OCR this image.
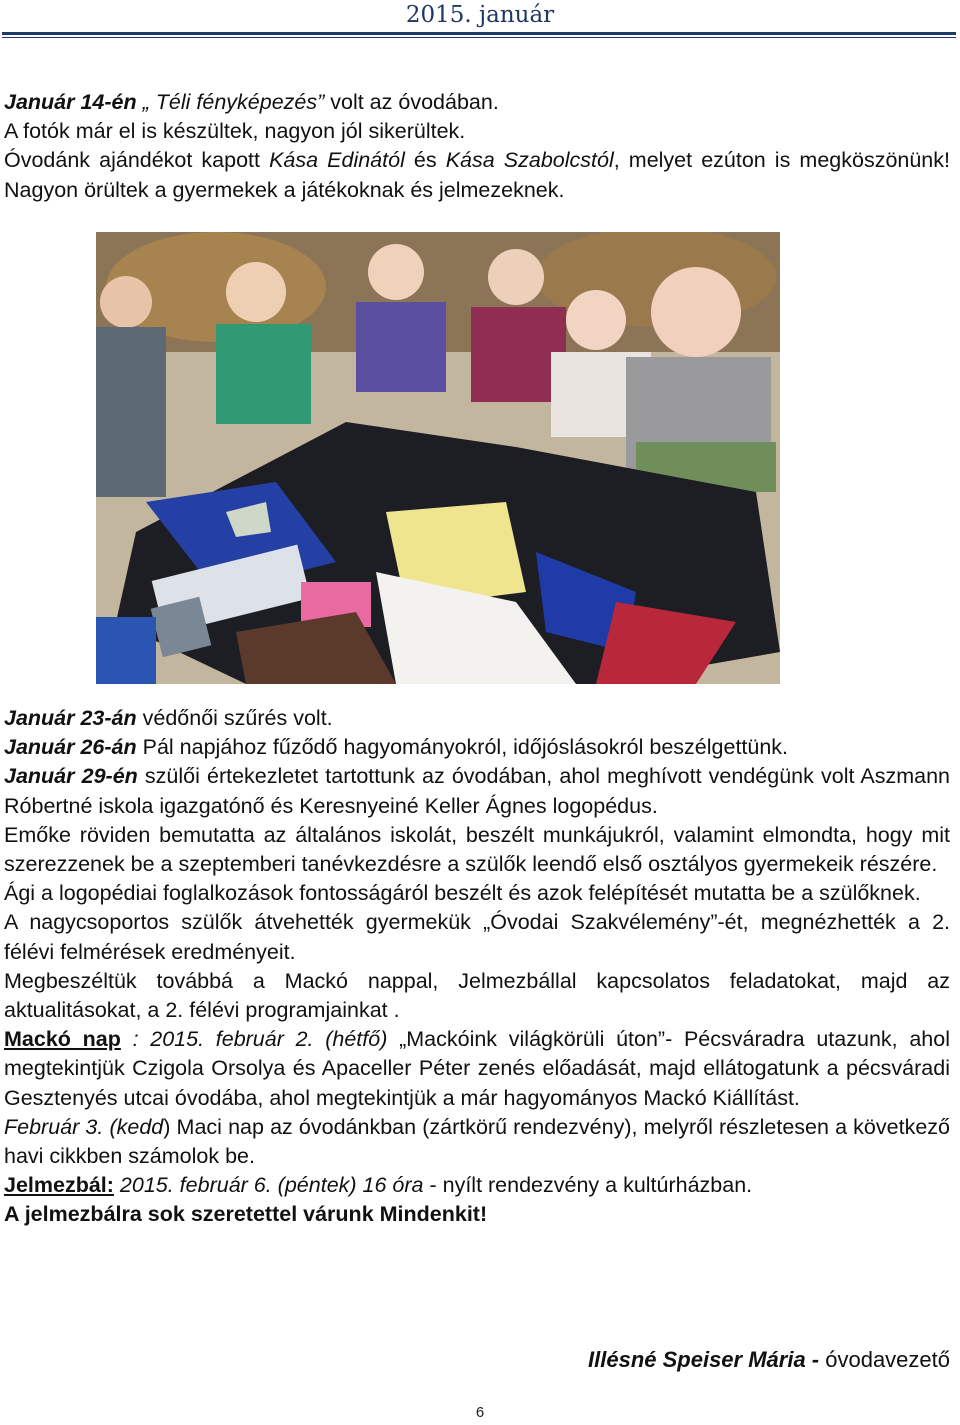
2015. január

Január 14-én „ Téli fényképezés” volt az óvodában.

A fotók már el is készültek, nagyon jól sikerültek.

Óvodánk ajándékot kapott Kása Edinától és Kása Szabolcstól, melyet ezúton is megköszönünk! Nagyon örültek a gyermekek a játékoknak és jelmezeknek.

Január 23-án védőnői szűrés volt.

Január 26-án Pál napjához fűződő hagyományokról, időjóslásokról beszélgettünk.

Január 29-én szülői értekezletet tartottunk az óvodában, ahol meghívott vendégünk volt Aszmann Róbertné iskola igazgatónő és Keresnyeiné Keller Ágnes logopédus.

Emőke röviden bemutatta az általános iskolát, beszélt munkájukról, valamint elmondta, hogy mit szerezzenek be a szeptemberi tanévkezdésre a szülők leendő első osztályos gyermekeik részére.

Ági a logopédiai foglalkozások fontosságáról beszélt és azok felépítését mutatta be a szülőknek.

A nagycsoportos szülők átvehették gyermekük „Óvodai Szakvélemény”-ét, megnézhették a 2. félévi felmérések eredményeit.

Megbeszéltük továbbá a Mackó nappal, Jelmezbállal kapcsolatos feladatokat, majd az aktualitásokat, a 2. félévi programjainkat .

Mackó nap : 2015. február 2. (hétfő) „Mackóink világkörüli úton”- Pécsváradra utazunk, ahol megtekintjük Czigola Orsolya és Apaceller Péter zenés előadását, majd ellátogatunk a pécsváradi Gesztenyés utcai óvodába, ahol megtekintjük a már hagyományos Mackó Kiállítást.

Február 3. (kedd) Maci nap az óvodánkban (zártkörű rendezvény), melyről részletesen a következő havi cikkben számolok be.

Jelmezbál: 2015. február 6. (péntek) 16 óra - nyílt rendezvény a kultúrházban.

A jelmezbálra sok szeretettel várunk Mindenkit!

Illésné Speiser Mária - óvodavezető
6
